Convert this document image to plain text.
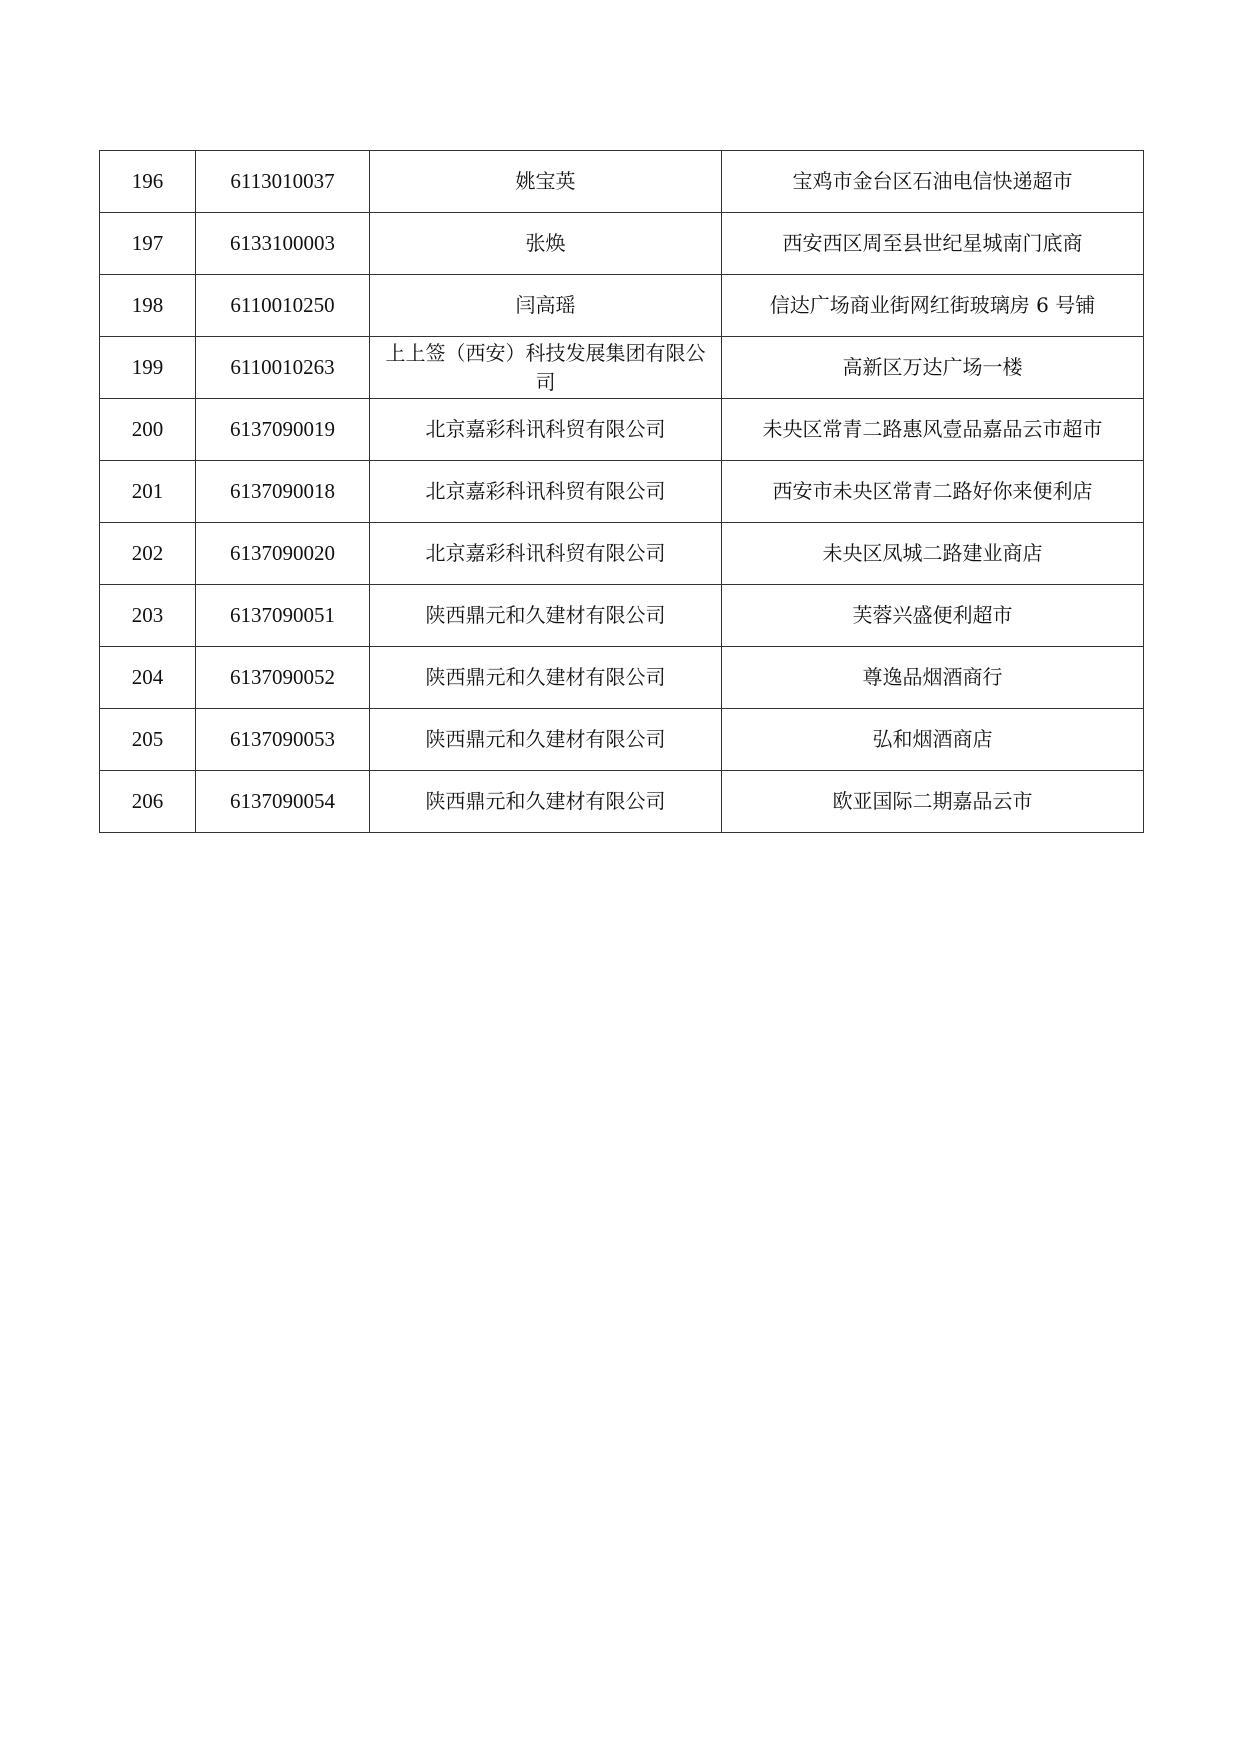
196	6113010037	姚宝英	宝鸡市金台区石油电信快递超市
197	6133100003	张焕	西安西区周至县世纪星城南门底商
198	6110010250	闫高瑶	信达广场商业街网红街玻璃房 6 号铺
199	6110010263	上上签（西安）科技发展集团有限公司	高新区万达广场一楼
200	6137090019	北京嘉彩科讯科贸有限公司	未央区常青二路惠风壹品嘉品云市超市
201	6137090018	北京嘉彩科讯科贸有限公司	西安市未央区常青二路好你来便利店
202	6137090020	北京嘉彩科讯科贸有限公司	未央区凤城二路建业商店
203	6137090051	陕西鼎元和久建材有限公司	芙蓉兴盛便利超市
204	6137090052	陕西鼎元和久建材有限公司	尊逸品烟酒商行
205	6137090053	陕西鼎元和久建材有限公司	弘和烟酒商店
206	6137090054	陕西鼎元和久建材有限公司	欧亚国际二期嘉品云市
